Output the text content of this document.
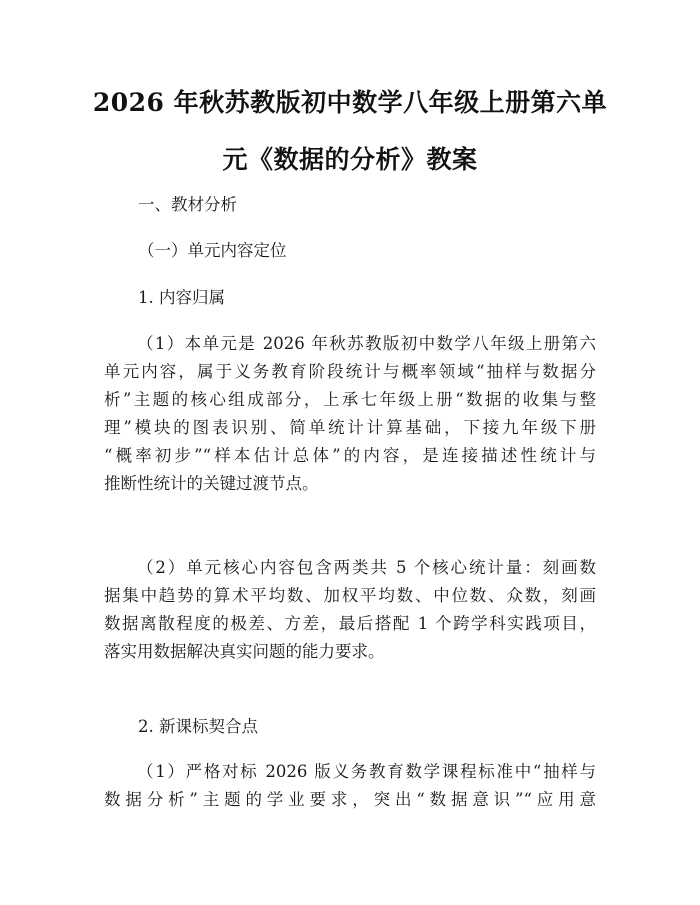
2026 年秋苏教版初中数学八年级上册第六单
元《数据的分析》教案

一、教材分析

（一）单元内容定位

1. 内容归属

（1）本单元是 2026 年秋苏教版初中数学八年级上册第六
单元内容，属于义务教育阶段统计与概率领域“抽样与数据分
析”主题的核心组成部分，上承七年级上册“数据的收集与整
理”模块的图表识别、简单统计计算基础，下接九年级下册
“概率初步”“样本估计总体”的内容，是连接描述性统计与
推断性统计的关键过渡节点。
（2）单元核心内容包含两类共 5 个核心统计量：刻画数
据集中趋势的算术平均数、加权平均数、中位数、众数，刻画
数据离散程度的极差、方差，最后搭配 1 个跨学科实践项目，
落实用数据解决真实问题的能力要求。

2. 新课标契合点

（1）严格对标 2026 版义务教育数学课程标准中“抽样与
数据分析”主题的学业要求，突出“数据意识”“应用意
